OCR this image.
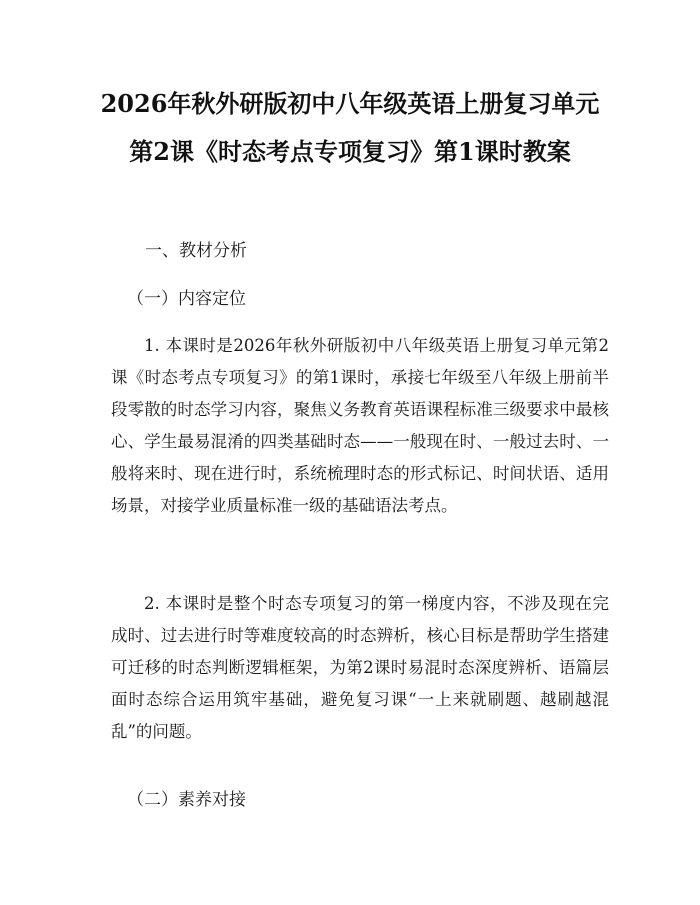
2026年秋外研版初中八年级英语上册复习单元第2课《时态考点专项复习》第1课时教案

一、教材分析

（一）内容定位

1. 本课时是2026年秋外研版初中八年级英语上册复习单元第2课《时态考点专项复习》的第1课时，承接七年级至八年级上册前半段零散的时态学习内容，聚焦义务教育英语课程标准三级要求中最核心、学生最易混淆的四类基础时态——一般现在时、一般过去时、一般将来时、现在进行时，系统梳理时态的形式标记、时间状语、适用场景，对接学业质量标准一级的基础语法考点。

2. 本课时是整个时态专项复习的第一梯度内容，不涉及现在完成时、过去进行时等难度较高的时态辨析，核心目标是帮助学生搭建可迁移的时态判断逻辑框架，为第2课时易混时态深度辨析、语篇层面时态综合运用筑牢基础，避免复习课“一上来就刷题、越刷越混乱”的问题。

（二）素养对接
